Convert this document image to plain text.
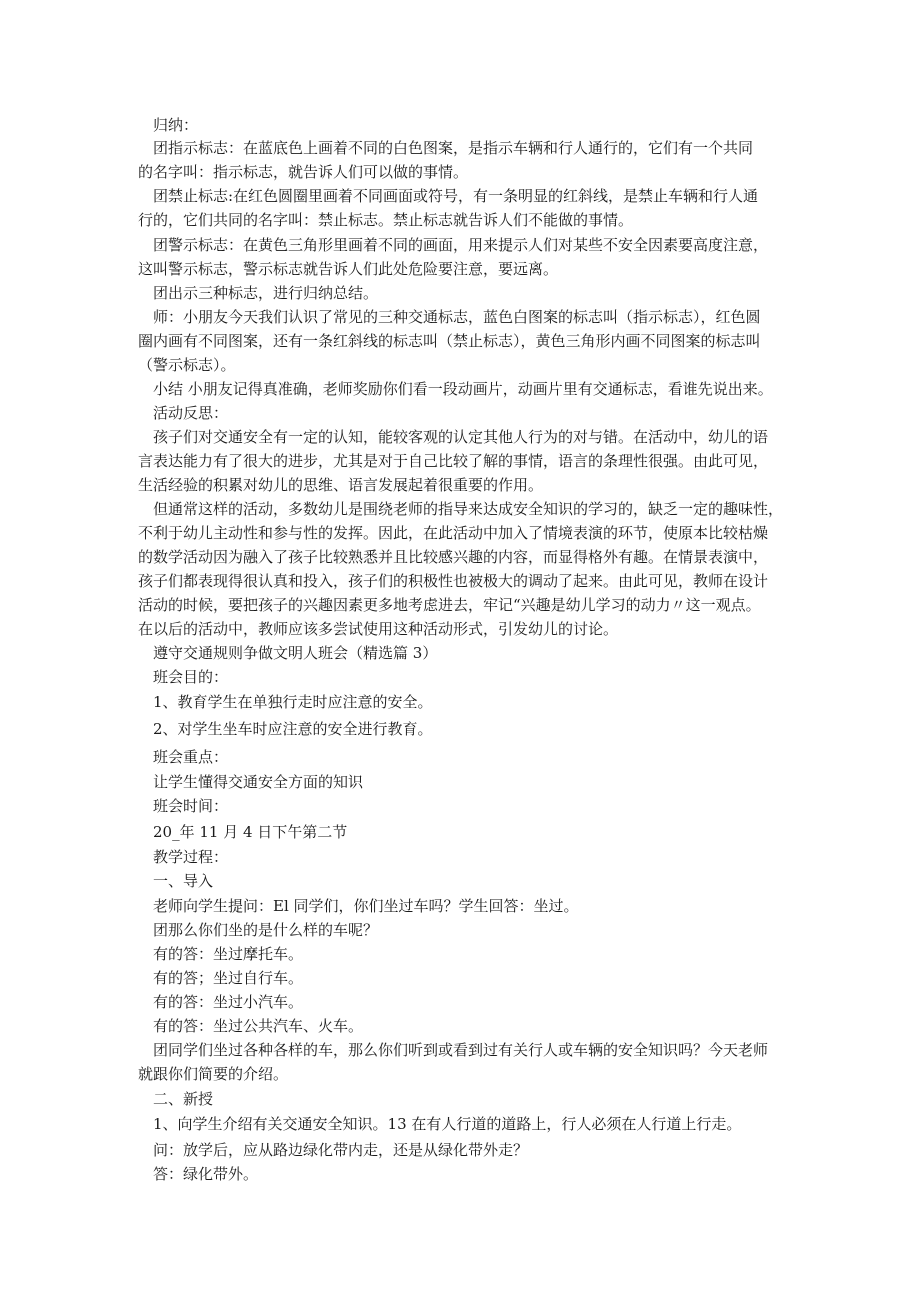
归纳：
团指示标志：在蓝底色上画着不同的白色图案，是指示车辆和行人通行的，它们有一个共同
的名字叫：指示标志，就告诉人们可以做的事情。
团禁止标志:在红色圆圈里画着不同画面或符号，有一条明显的红斜线，是禁止车辆和行人通
行的，它们共同的名字叫：禁止标志。禁止标志就告诉人们不能做的事情。
团警示标志：在黄色三角形里画着不同的画面，用来提示人们对某些不安全因素要高度注意，
这叫警示标志，警示标志就告诉人们此处危险要注意，要远离。
团出示三种标志，进行归纳总结。
师：小朋友今天我们认识了常见的三种交通标志，蓝色白图案的标志叫（指示标志），红色圆
圈内画有不同图案，还有一条红斜线的标志叫（禁止标志），黄色三角形内画不同图案的标志叫
（警示标志）。
小结 小朋友记得真准确，老师奖励你们看一段动画片，动画片里有交通标志，看谁先说出来。
活动反思：
孩子们对交通安全有一定的认知，能较客观的认定其他人行为的对与错。在活动中，幼儿的语
言表达能力有了很大的进步，尤其是对于自己比较了解的事情，语言的条理性很强。由此可见，
生活经验的积累对幼儿的思维、语言发展起着很重要的作用。
但通常这样的活动，多数幼儿是围绕老师的指导来达成安全知识的学习的，缺乏一定的趣味性，
不利于幼儿主动性和参与性的发挥。因此，在此活动中加入了情境表演的环节，使原本比较枯燥
的数学活动因为融入了孩子比较熟悉并且比较感兴趣的内容，而显得格外有趣。在情景表演中，
孩子们都表现得很认真和投入，孩子们的积极性也被极大的调动了起来。由此可见，教师在设计
活动的时候，要把孩子的兴趣因素更多地考虑进去，牢记“兴趣是幼儿学习的动力〃这一观点。
在以后的活动中，教师应该多尝试使用这种活动形式，引发幼儿的讨论。
遵守交通规则争做文明人班会（精选篇 3）
班会目的：
1、教育学生在单独行走时应注意的安全。
2、对学生坐车时应注意的安全进行教育。
班会重点：
让学生懂得交通安全方面的知识
班会时间：
20_年 11 月 4 日下午第二节
教学过程：
一、导入
老师向学生提问：El 同学们，你们坐过车吗？学生回答：坐过。
团那么你们坐的是什么样的车呢？
有的答：坐过摩托车。
有的答；坐过自行车。
有的答：坐过小汽车。
有的答：坐过公共汽车、火车。
团同学们坐过各种各样的车，那么你们听到或看到过有关行人或车辆的安全知识吗？今天老师
就跟你们简要的介绍。
二、新授
1、向学生介绍有关交通安全知识。13 在有人行道的道路上，行人必须在人行道上行走。
问：放学后，应从路边绿化带内走，还是从绿化带外走？
答：绿化带外。
